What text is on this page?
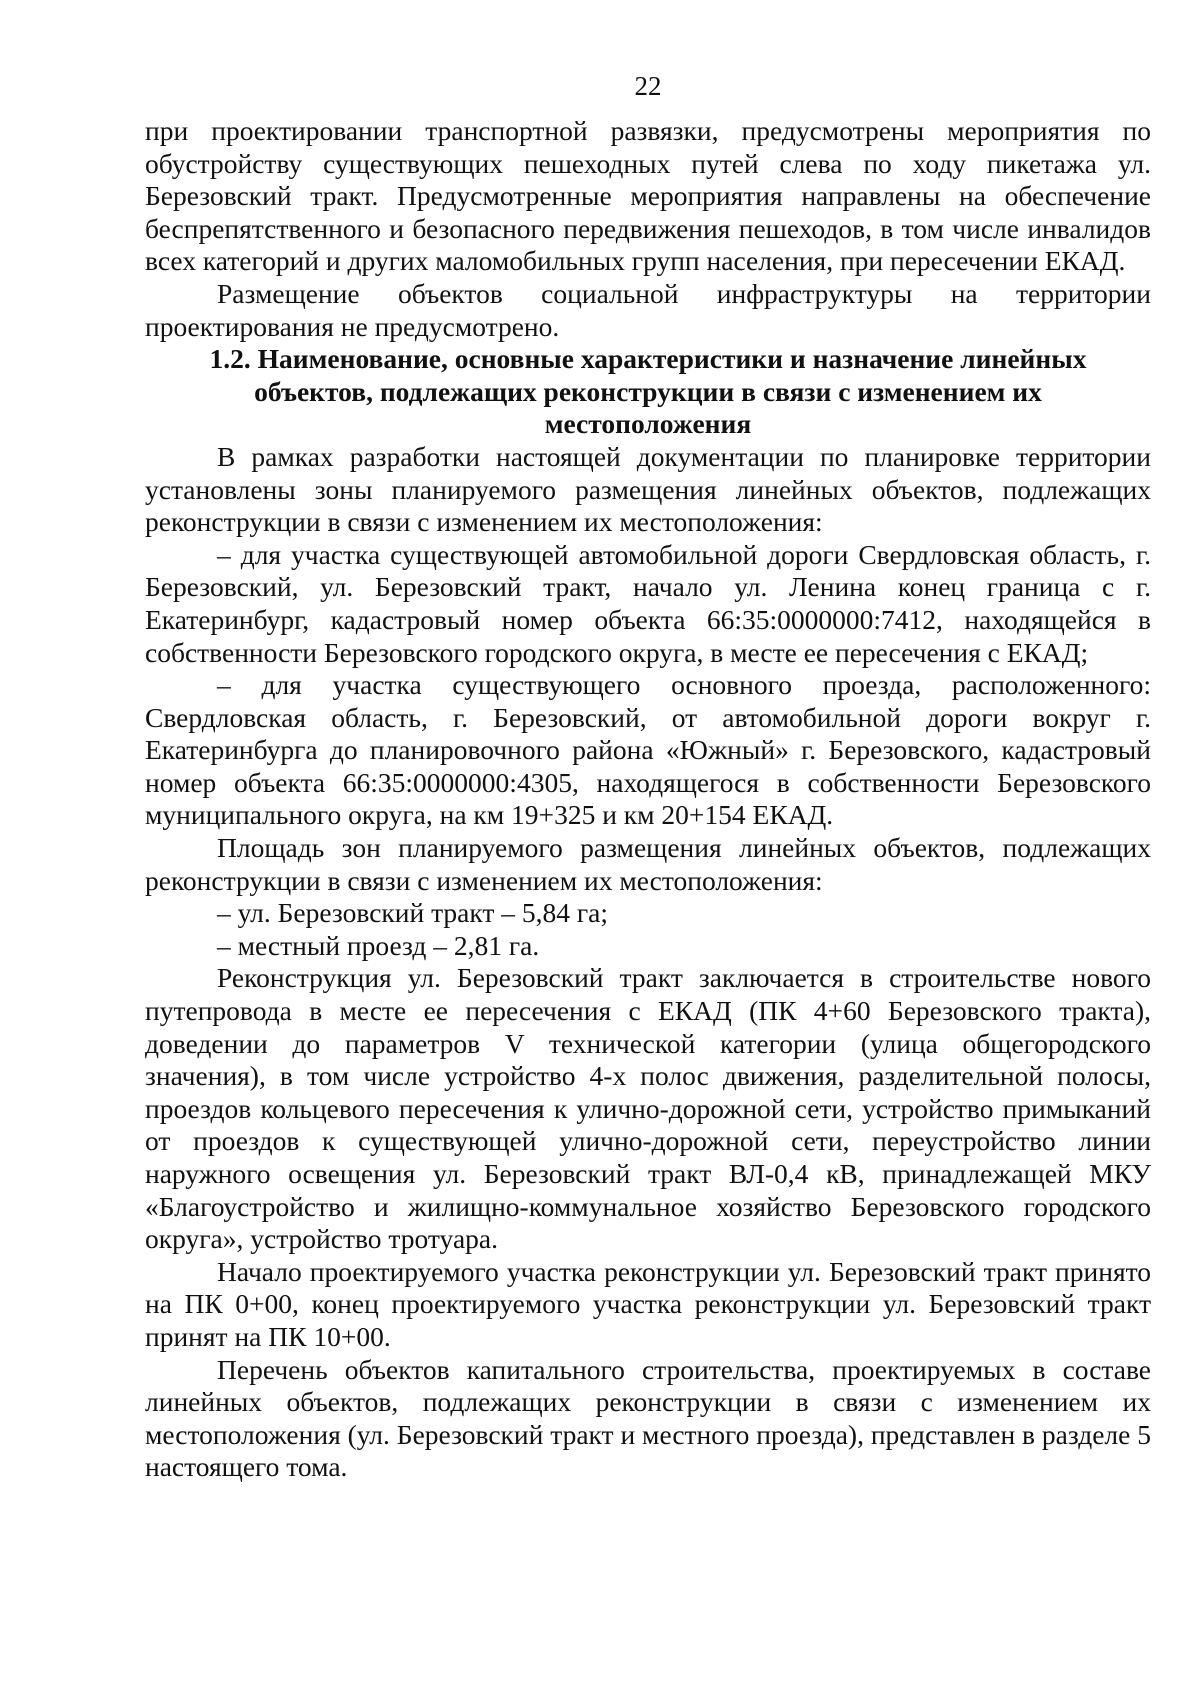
22

при проектировании транспортной развязки, предусмотрены мероприятия по обустройству существующих пешеходных путей слева по ходу пикетажа ул. Березовский тракт. Предусмотренные мероприятия направлены на обеспечение беспрепятственного и безопасного передвижения пешеходов, в том числе инвалидов всех категорий и других маломобильных групп населения, при пересечении ЕКАД.

Размещение объектов социальной инфраструктуры на территории проектирования не предусмотрено.

1.2. Наименование, основные характеристики и назначение линейных объектов, подлежащих реконструкции в связи с изменением их местоположения

В рамках разработки настоящей документации по планировке территории установлены зоны планируемого размещения линейных объектов, подлежащих реконструкции в связи с изменением их местоположения:

– для участка существующей автомобильной дороги Свердловская область, г. Березовский, ул. Березовский тракт, начало ул. Ленина конец граница с г. Екатеринбург, кадастровый номер объекта 66:35:0000000:7412, находящейся в собственности Березовского городского округа, в месте ее пересечения с ЕКАД;

– для участка существующего основного проезда, расположенного: Свердловская область, г. Березовский, от автомобильной дороги вокруг г. Екатеринбурга до планировочного района «Южный» г. Березовского, кадастровый номер объекта 66:35:0000000:4305, находящегося в собственности Березовского муниципального округа, на км 19+325 и км 20+154 ЕКАД.

Площадь зон планируемого размещения линейных объектов, подлежащих реконструкции в связи с изменением их местоположения:

– ул. Березовский тракт – 5,84 га;

– местный проезд – 2,81 га.

Реконструкция ул. Березовский тракт заключается в строительстве нового путепровода в месте ее пересечения с ЕКАД (ПК 4+60 Березовского тракта), доведении до параметров V технической категории (улица общегородского значения), в том числе устройство 4-х полос движения, разделительной полосы, проездов кольцевого пересечения к улично-дорожной сети, устройство примыканий от проездов к существующей улично-дорожной сети, переустройство линии наружного освещения ул. Березовский тракт ВЛ-0,4 кВ, принадлежащей МКУ «Благоустройство и жилищно-коммунальное хозяйство Березовского городского округа», устройство тротуара.

Начало проектируемого участка реконструкции ул. Березовский тракт принято на ПК 0+00, конец проектируемого участка реконструкции ул. Березовский тракт принят на ПК 10+00.

Перечень объектов капитального строительства, проектируемых в составе линейных объектов, подлежащих реконструкции в связи с изменением их местоположения (ул. Березовский тракт и местного проезда), представлен в разделе 5 настоящего тома.
